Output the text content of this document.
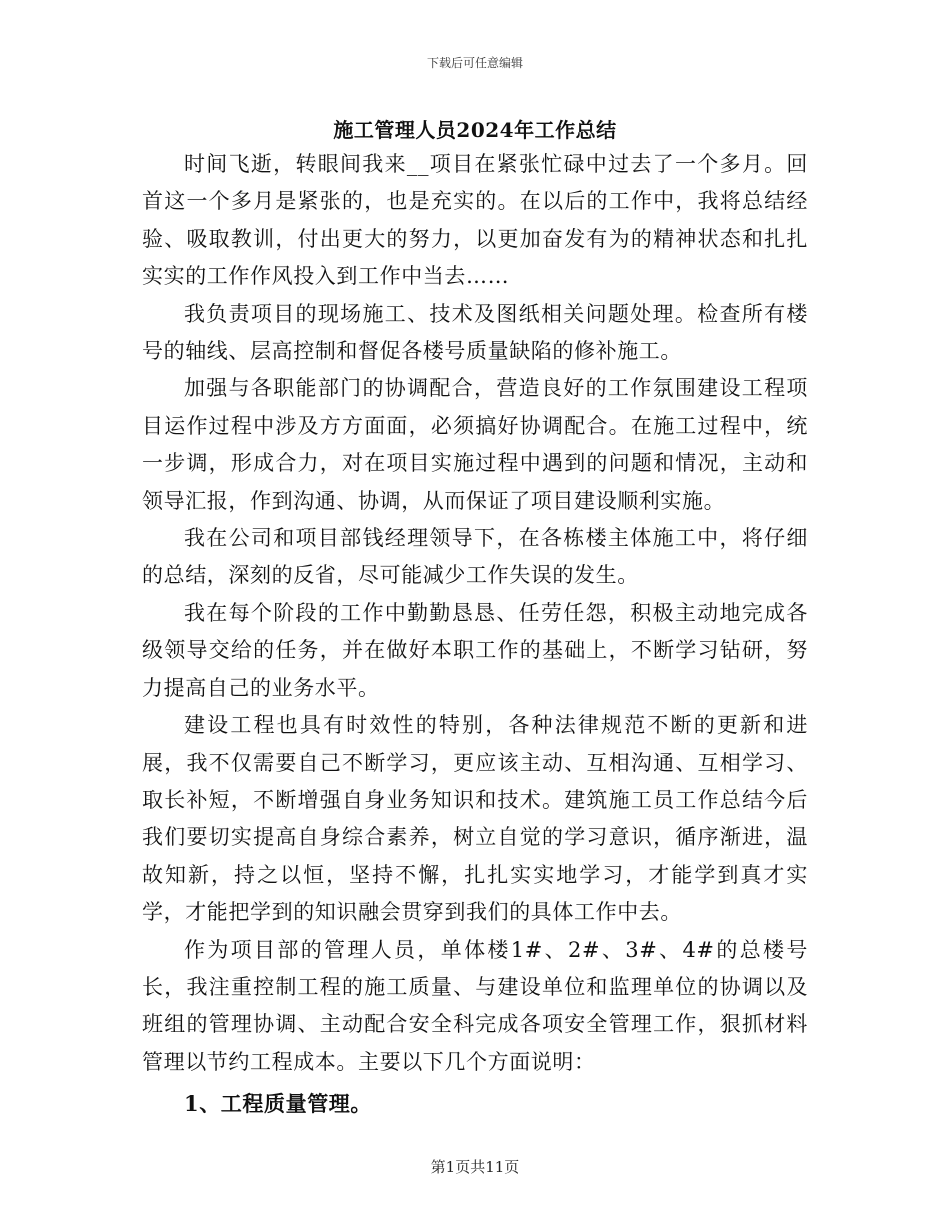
下载后可任意编辑
施工管理人员2024年工作总结

时间飞逝，转眼间我来__项目在紧张忙碌中过去了一个多月。回首这一个多月是紧张的，也是充实的。在以后的工作中，我将总结经验、吸取教训，付出更大的努力，以更加奋发有为的精神状态和扎扎实实的工作作风投入到工作中当去……

我负责项目的现场施工、技术及图纸相关问题处理。检查所有楼号的轴线、层高控制和督促各楼号质量缺陷的修补施工。

加强与各职能部门的协调配合，营造良好的工作氛围建设工程项目运作过程中涉及方方面面，必须搞好协调配合。在施工过程中，统一步调，形成合力，对在项目实施过程中遇到的问题和情况，主动和领导汇报，作到沟通、协调，从而保证了项目建设顺利实施。

我在公司和项目部钱经理领导下，在各栋楼主体施工中，将仔细的总结，深刻的反省，尽可能减少工作失误的发生。

我在每个阶段的工作中勤勤恳恳、任劳任怨，积极主动地完成各级领导交给的任务，并在做好本职工作的基础上，不断学习钻研，努力提高自己的业务水平。

建设工程也具有时效性的特别，各种法律规范不断的更新和进展，我不仅需要自己不断学习，更应该主动、互相沟通、互相学习、取长补短，不断增强自身业务知识和技术。建筑施工员工作总结今后我们要切实提高自身综合素养，树立自觉的学习意识，循序渐进，温故知新，持之以恒，坚持不懈，扎扎实实地学习，才能学到真才实学，才能把学到的知识融会贯穿到我们的具体工作中去。

作为项目部的管理人员，单体楼1#、2#、3#、4#的总楼号长，我注重控制工程的施工质量、与建设单位和监理单位的协调以及班组的管理协调、主动配合安全科完成各项安全管理工作，狠抓材料管理以节约工程成本。主要以下几个方面说明：

1、工程质量管理。

第1页共11页
